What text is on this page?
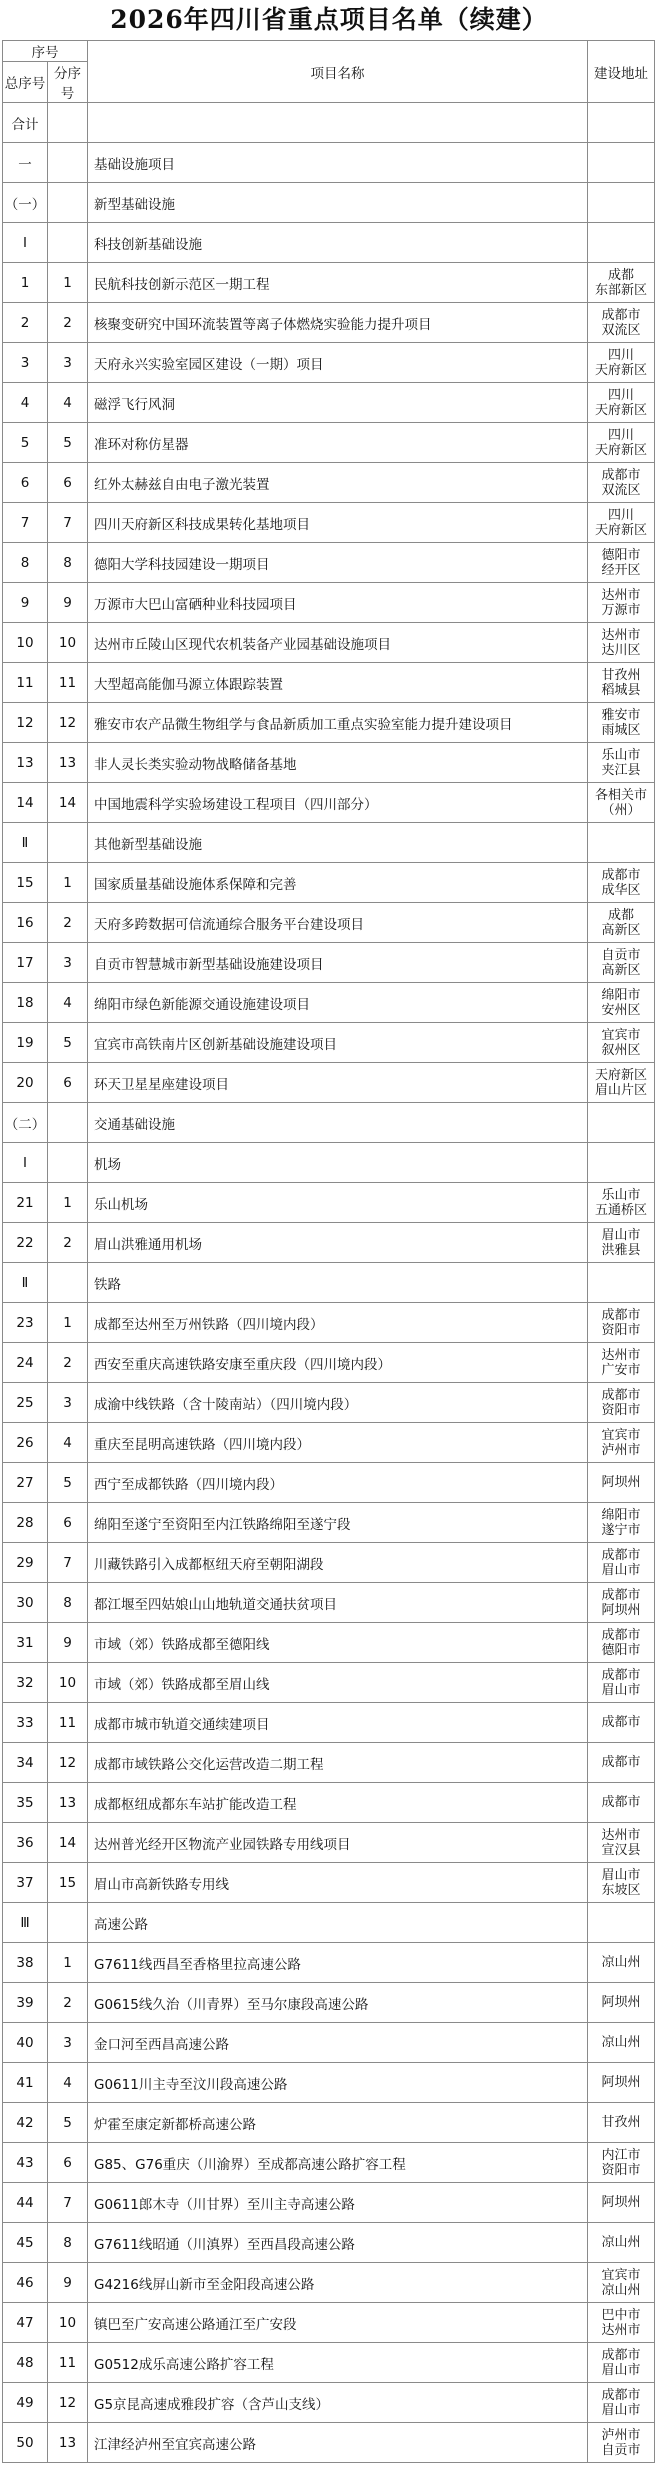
2026年四川省重点项目名单（续建）
序号		项目名称	建设地址
总序号	分序号		
合计			
一		基础设施项目	
（一）		新型基础设施	
Ⅰ		科技创新基础设施	
1	1	民航科技创新示范区一期工程	成都
东部新区
2	2	核聚变研究中国环流装置等离子体燃烧实验能力提升项目	成都市
双流区
3	3	天府永兴实验室园区建设（一期）项目	四川
天府新区
4	4	磁浮飞行风洞	四川
天府新区
5	5	准环对称仿星器	四川
天府新区
6	6	红外太赫兹自由电子激光装置	成都市
双流区
7	7	四川天府新区科技成果转化基地项目	四川
天府新区
8	8	德阳大学科技园建设一期项目	德阳市
经开区
9	9	万源市大巴山富硒种业科技园项目	达州市
万源市
10	10	达州市丘陵山区现代农机装备产业园基础设施项目	达州市
达川区
11	11	大型超高能伽马源立体跟踪装置	甘孜州
稻城县
12	12	雅安市农产品微生物组学与食品新质加工重点实验室能力提升建设项目	雅安市
雨城区
13	13	非人灵长类实验动物战略储备基地	乐山市
夹江县
14	14	中国地震科学实验场建设工程项目（四川部分）	各相关市
（州）
Ⅱ		其他新型基础设施	
15	1	国家质量基础设施体系保障和完善	成都市
成华区
16	2	天府多跨数据可信流通综合服务平台建设项目	成都
高新区
17	3	自贡市智慧城市新型基础设施建设项目	自贡市
高新区
18	4	绵阳市绿色新能源交通设施建设项目	绵阳市
安州区
19	5	宜宾市高铁南片区创新基础设施建设项目	宜宾市
叙州区
20	6	环天卫星星座建设项目	天府新区
眉山片区
（二）		交通基础设施	
Ⅰ		机场	
21	1	乐山机场	乐山市
五通桥区
22	2	眉山洪雅通用机场	眉山市
洪雅县
Ⅱ		铁路	
23	1	成都至达州至万州铁路（四川境内段）	成都市
资阳市
24	2	西安至重庆高速铁路安康至重庆段（四川境内段）	达州市
广安市
25	3	成渝中线铁路（含十陵南站）（四川境内段）	成都市
资阳市
26	4	重庆至昆明高速铁路（四川境内段）	宜宾市
泸州市
27	5	西宁至成都铁路（四川境内段）	阿坝州
28	6	绵阳至遂宁至资阳至内江铁路绵阳至遂宁段	绵阳市
遂宁市
29	7	川藏铁路引入成都枢纽天府至朝阳湖段	成都市
眉山市
30	8	都江堰至四姑娘山山地轨道交通扶贫项目	成都市
阿坝州
31	9	市域（郊）铁路成都至德阳线	成都市
德阳市
32	10	市域（郊）铁路成都至眉山线	成都市
眉山市
33	11	成都市城市轨道交通续建项目	成都市
34	12	成都市域铁路公交化运营改造二期工程	成都市
35	13	成都枢纽成都东车站扩能改造工程	成都市
36	14	达州普光经开区物流产业园铁路专用线项目	达州市
宣汉县
37	15	眉山市高新铁路专用线	眉山市
东坡区
Ⅲ		高速公路	
38	1	G7611线西昌至香格里拉高速公路	凉山州
39	2	G0615线久治（川青界）至马尔康段高速公路	阿坝州
40	3	金口河至西昌高速公路	凉山州
41	4	G0611川主寺至汶川段高速公路	阿坝州
42	5	炉霍至康定新都桥高速公路	甘孜州
43	6	G85、G76重庆（川渝界）至成都高速公路扩容工程	内江市
资阳市
44	7	G0611郎木寺（川甘界）至川主寺高速公路	阿坝州
45	8	G7611线昭通（川滇界）至西昌段高速公路	凉山州
46	9	G4216线屏山新市至金阳段高速公路	宜宾市
凉山州
47	10	镇巴至广安高速公路通江至广安段	巴中市
达州市
48	11	G0512成乐高速公路扩容工程	成都市
眉山市
49	12	G5京昆高速成雅段扩容（含芦山支线）	成都市
眉山市
50	13	江津经泸州至宜宾高速公路	泸州市
自贡市
